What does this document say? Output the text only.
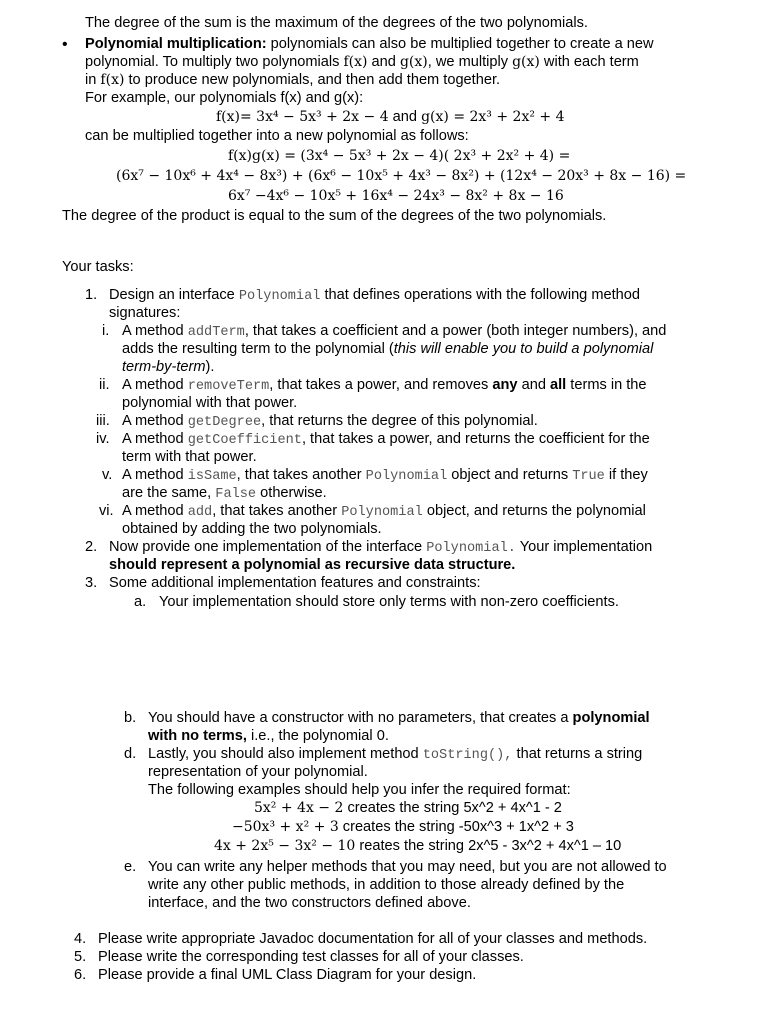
The degree of the sum is the maximum of the degrees of the two polynomials.
• Polynomial multiplication: polynomials can also be multiplied together to create a new
polynomial. To multiply two polynomials f(x) and g(x), we multiply g(x) with each term
in f(x) to produce new polynomials, and then add them together.
For example, our polynomials f(x) and g(x):
f(x)= 3x⁴ − 5x³ + 2x − 4 and g(x) = 2x³ + 2x² + 4
can be multiplied together into a new polynomial as follows:
f(x)g(x) = (3x⁴ − 5x³ + 2x − 4)( 2x³ + 2x² + 4) =
(6x⁷ − 10x⁶ + 4x⁴ − 8x³) + (6x⁶ − 10x⁵ + 4x³ − 8x²) + (12x⁴ − 20x³ + 8x − 16) =
6x⁷ −4x⁶ − 10x⁵ + 16x⁴ − 24x³ − 8x² + 8x − 16
The degree of the product is equal to the sum of the degrees of the two polynomials.
Your tasks:
1. Design an interface Polynomial that defines operations with the following method
signatures:
i. A method addTerm, that takes a coefficient and a power (both integer numbers), and
adds the resulting term to the polynomial (this will enable you to build a polynomial
term-by-term).
ii. A method removeTerm, that takes a power, and removes any and all terms in the
polynomial with that power.
iii. A method getDegree, that returns the degree of this polynomial.
iv. A method getCoefficient, that takes a power, and returns the coefficient for the
term with that power.
v. A method isSame, that takes another Polynomial object and returns True if they
are the same, False otherwise.
vi. A method add, that takes another Polynomial object, and returns the polynomial
obtained by adding the two polynomials.
2. Now provide one implementation of the interface Polynomial. Your implementation
should represent a polynomial as recursive data structure.
3. Some additional implementation features and constraints:
a. Your implementation should store only terms with non-zero coefficients.
b. You should have a constructor with no parameters, that creates a polynomial
with no terms, i.e., the polynomial 0.
d. Lastly, you should also implement method toString(), that returns a string
representation of your polynomial.
The following examples should help you infer the required format:
5x² + 4x − 2 creates the string 5x^2 + 4x^1 - 2
−50x³ + x² + 3 creates the string -50x^3 + 1x^2 + 3
4x + 2x⁵ − 3x² − 10 reates the string 2x^5 - 3x^2 + 4x^1 – 10
e. You can write any helper methods that you may need, but you are not allowed to
write any other public methods, in addition to those already defined by the
interface, and the two constructors defined above.
4. Please write appropriate Javadoc documentation for all of your classes and methods.
5. Please write the corresponding test classes for all of your classes.
6. Please provide a final UML Class Diagram for your design.
